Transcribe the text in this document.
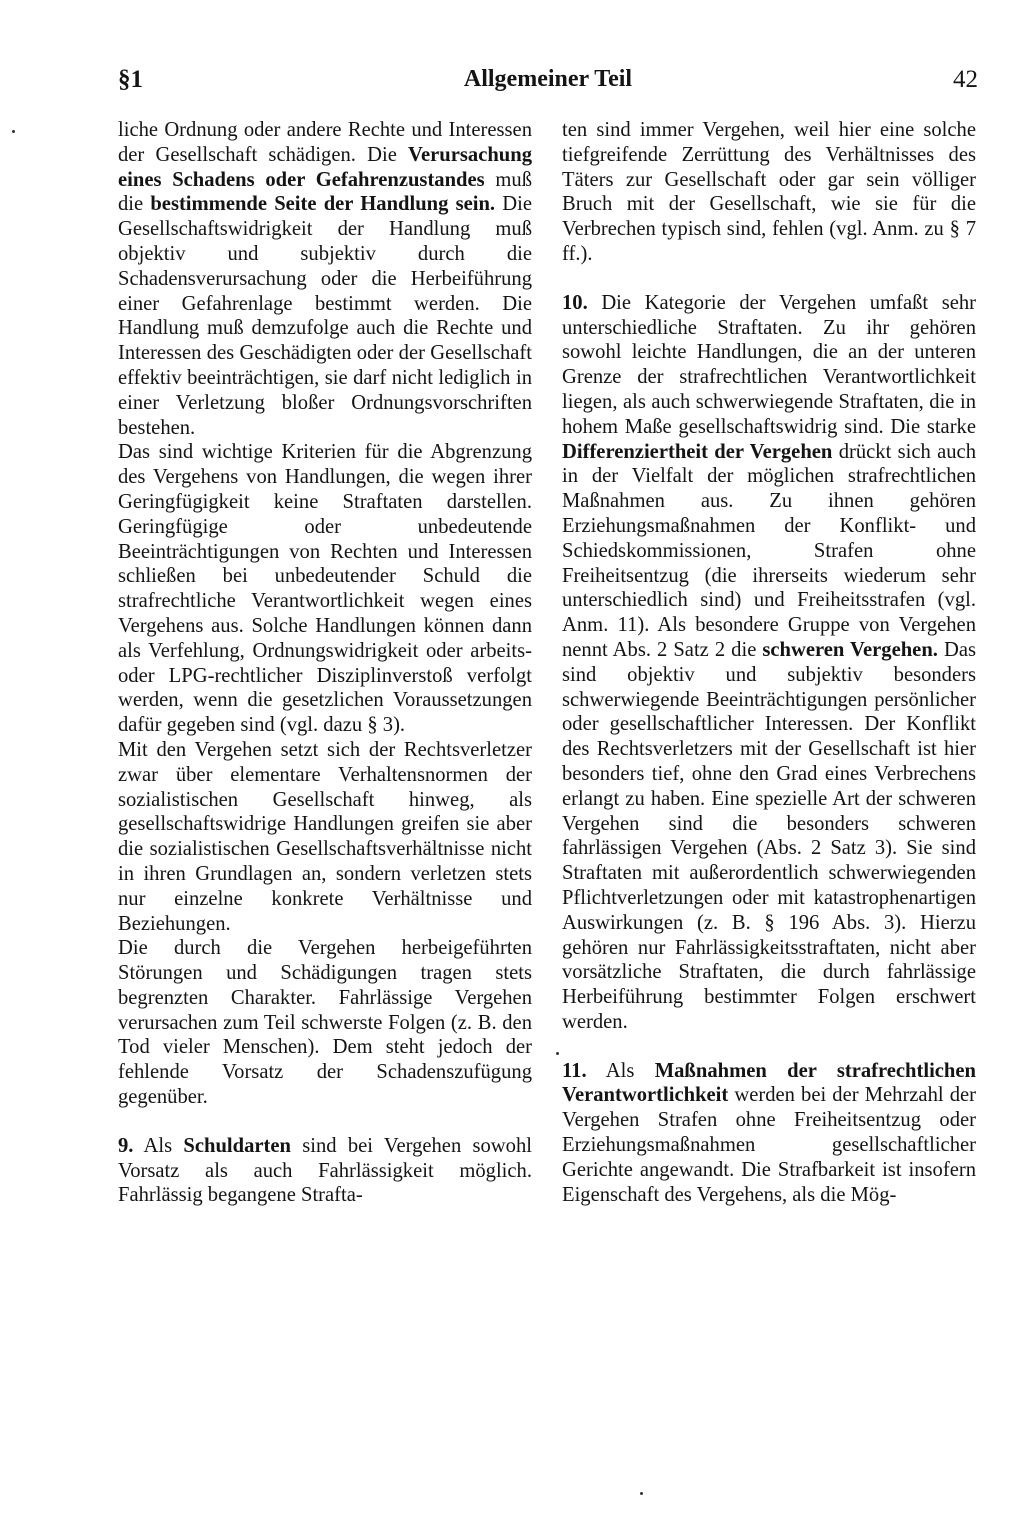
Allgemeiner Teil
§1	42

liche Ordnung oder andere Rechte und Interessen der Gesellschaft schädigen. Die Verursachung eines Schadens oder Gefahrenzustandes muß die bestimmende Seite der Handlung sein. Die Gesellschaftswidrigkeit der Handlung muß objektiv und subjektiv durch die Schadensverursachung oder die Herbeiführung einer Gefahrenlage bestimmt werden. Die Handlung muß demzufolge auch die Rechte und Interessen des Geschädigten oder der Gesellschaft effektiv beeinträchtigen, sie darf nicht lediglich in einer Verletzung bloßer Ordnungsvorschriften bestehen.

Das sind wichtige Kriterien für die Abgrenzung des Vergehens von Handlungen, die wegen ihrer Geringfügigkeit keine Straftaten darstellen. Geringfügige oder unbedeutende Beeinträchtigungen von Rechten und Interessen schließen bei unbedeutender Schuld die strafrechtliche Verantwortlichkeit wegen eines Vergehens aus. Solche Handlungen können dann als Verfehlung, Ordnungswidrigkeit oder arbeits- oder LPG-rechtlicher Disziplinverstoß verfolgt werden, wenn die gesetzlichen Voraussetzungen dafür gegeben sind (vgl. dazu § 3).

Mit den Vergehen setzt sich der Rechtsverletzer zwar über elementare Verhaltensnormen der sozialistischen Gesellschaft hinweg, als gesellschaftswidrige Handlungen greifen sie aber die sozialistischen Gesellschaftsverhältnisse nicht in ihren Grundlagen an, sondern verletzen stets nur einzelne konkrete Verhältnisse und Beziehungen.

Die durch die Vergehen herbeigeführten Störungen und Schädigungen tragen stets begrenzten Charakter. Fahrlässige Vergehen verursachen zum Teil schwerste Folgen (z. B. den Tod vieler Menschen). Dem steht jedoch der fehlende Vorsatz der Schadenszufügung gegenüber.

9. Als Schuldarten sind bei Vergehen sowohl Vorsatz als auch Fahrlässigkeit möglich. Fahrlässig begangene Strafta-

ten sind immer Vergehen, weil hier eine solche tiefgreifende Zerrüttung des Verhältnisses des Täters zur Gesellschaft oder gar sein völliger Bruch mit der Gesellschaft, wie sie für die Verbrechen typisch sind, fehlen (vgl. Anm. zu § 7 ff.).

10. Die Kategorie der Vergehen umfaßt sehr unterschiedliche Straftaten. Zu ihr gehören sowohl leichte Handlungen, die an der unteren Grenze der strafrechtlichen Verantwortlichkeit liegen, als auch schwerwiegende Straftaten, die in hohem Maße gesellschaftswidrig sind. Die starke Differenziertheit der Vergehen drückt sich auch in der Vielfalt der möglichen strafrechtlichen Maßnahmen aus. Zu ihnen gehören Erziehungsmaßnahmen der Konflikt- und Schiedskommissionen, Strafen ohne Freiheitsentzug (die ihrerseits wiederum sehr unterschiedlich sind) und Freiheitsstrafen (vgl. Anm. 11). Als besondere Gruppe von Vergehen nennt Abs. 2 Satz 2 die schweren Vergehen. Das sind objektiv und subjektiv besonders schwerwiegende Beeinträchtigungen persönlicher oder gesellschaftlicher Interessen. Der Konflikt des Rechtsverletzers mit der Gesellschaft ist hier besonders tief, ohne den Grad eines Verbrechens erlangt zu haben. Eine spezielle Art der schweren Vergehen sind die besonders schweren fahrlässigen Vergehen (Abs. 2 Satz 3). Sie sind Straftaten mit außerordentlich schwerwiegenden Pflichtverletzungen oder mit katastrophenartigen Auswirkungen (z. B. § 196 Abs. 3). Hierzu gehören nur Fahrlässigkeitsstraftaten, nicht aber vorsätzliche Straftaten, die durch fahrlässige Herbeiführung bestimmter Folgen erschwert werden.

11. Als Maßnahmen der strafrechtlichen Verantwortlichkeit werden bei der Mehrzahl der Vergehen Strafen ohne Freiheitsentzug oder Erziehungsmaßnahmen gesellschaftlicher Gerichte angewandt. Die Strafbarkeit ist insofern Eigenschaft des Vergehens, als die Mög-
